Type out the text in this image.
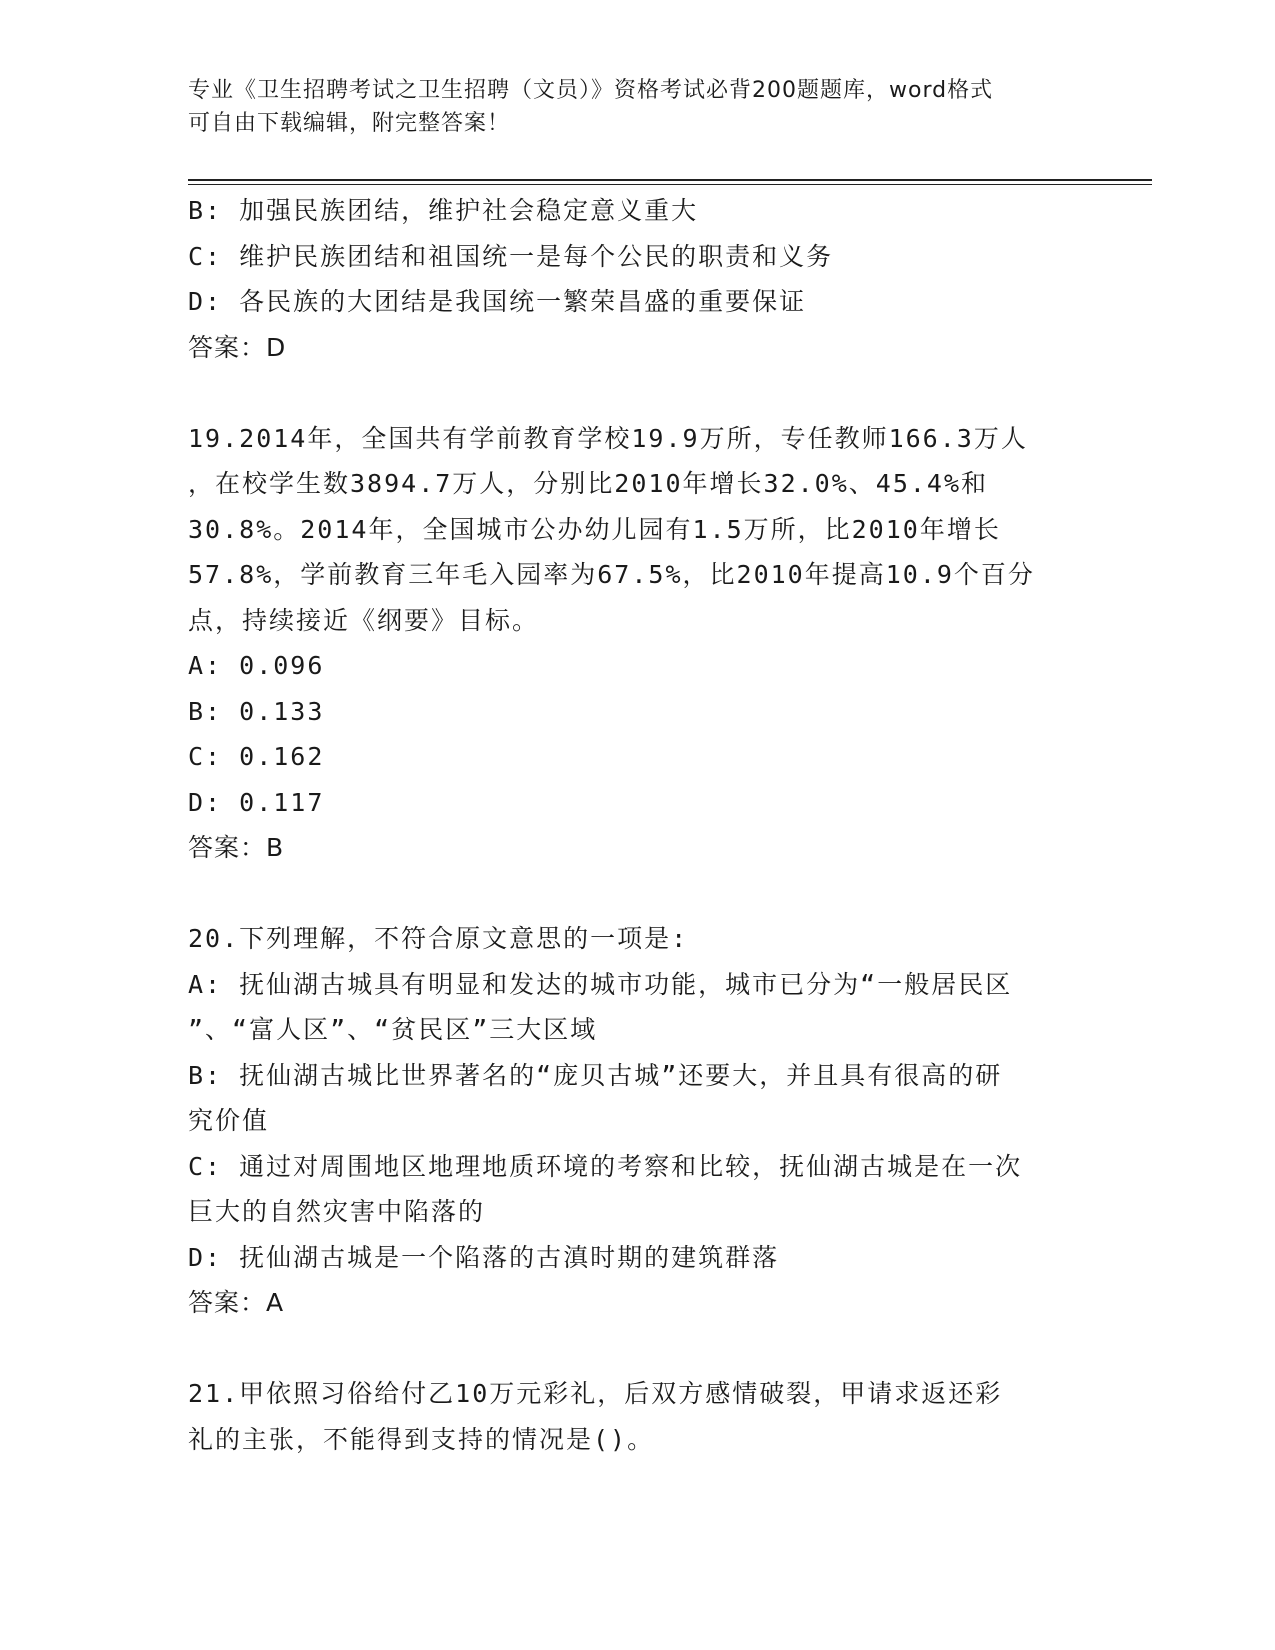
专业《卫生招聘考试之卫生招聘（文员）》资格考试必背200题题库，word格式
可自由下载编辑，附完整答案！
B: 加强民族团结，维护社会稳定意义重大
C: 维护民族团结和祖国统一是每个公民的职责和义务
D: 各民族的大团结是我国统一繁荣昌盛的重要保证
答案：D
19.2014年，全国共有学前教育学校19.9万所，专任教师166.3万人
，在校学生数3894.7万人，分别比2010年增长32.0%、45.4%和
30.8%。2014年，全国城市公办幼儿园有1.5万所，比2010年增长
57.8%，学前教育三年毛入园率为67.5%，比2010年提高10.9个百分
点，持续接近《纲要》目标。
A: 0.096
B: 0.133
C: 0.162
D: 0.117
答案：B
20.下列理解，不符合原文意思的一项是:
A: 抚仙湖古城具有明显和发达的城市功能，城市已分为“一般居民区
”、“富人区”、“贫民区”三大区域
B: 抚仙湖古城比世界著名的“庞贝古城”还要大，并且具有很高的研
究价值
C: 通过对周围地区地理地质环境的考察和比较，抚仙湖古城是在一次
巨大的自然灾害中陷落的
D: 抚仙湖古城是一个陷落的古滇时期的建筑群落
答案：A
21.甲依照习俗给付乙10万元彩礼，后双方感情破裂，甲请求返还彩
礼的主张，不能得到支持的情况是()。
